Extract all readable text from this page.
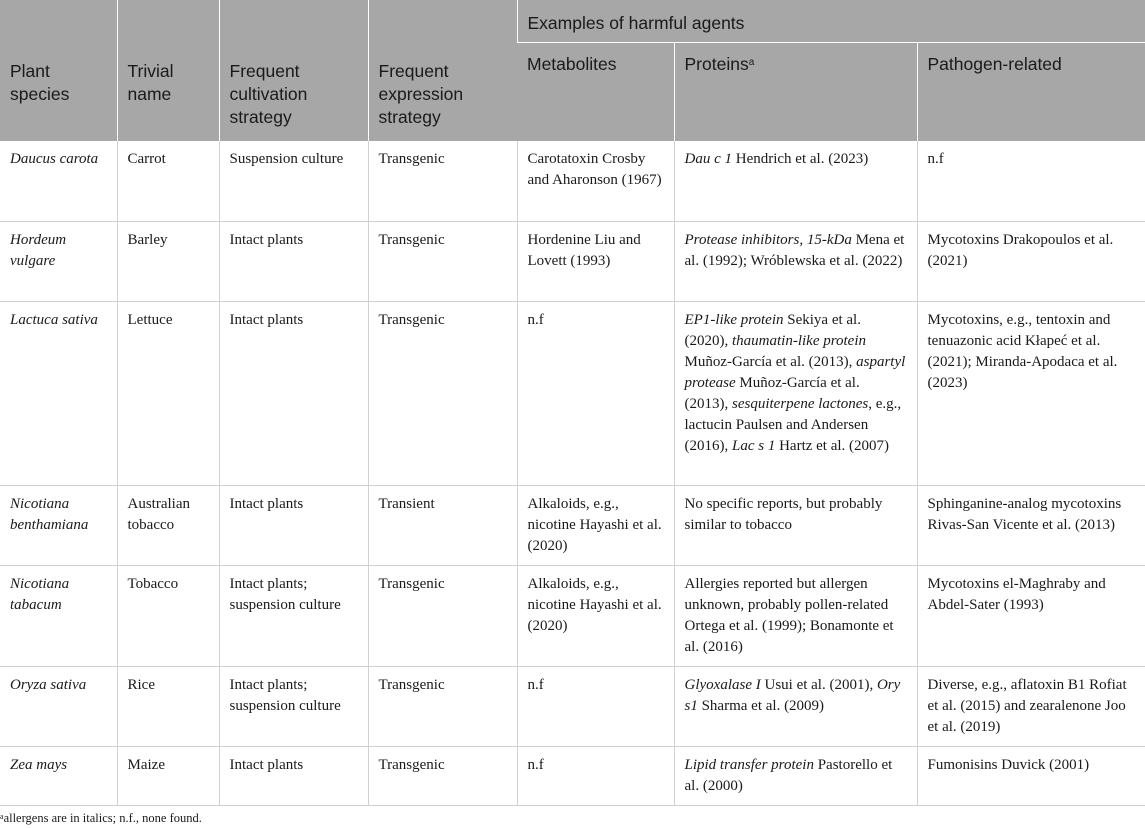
Plant species	Trivial name	Frequent cultivation strategy	Frequent expression strategy	Examples of harmful agents		
				Metabolites	Proteins$^a$	Pathogen-related
Daucus carota	Carrot	Suspension culture	Transgenic	Carotatoxin Crosby and Aharonson (1967)	Dau c 1 Hendrich et al. (2023)	n.f
Hordeum vulgare	Barley	Intact plants	Transgenic	Hordenine Liu and Lovett (1993)	Protease inhibitors, 15-kDa Mena et al. (1992); Wróblewska et al. (2022)	Mycotoxins Drakopoulos et al. (2021)
Lactuca sativa	Lettuce	Intact plants	Transgenic	n.f	EP1-like protein Sekiya et al. (2020), thaumatin-like protein Muñoz-García et al. (2013), aspartyl protease Muñoz-García et al. (2013), sesquiterpene lactones, e.g., lactucin Paulsen and Andersen (2016), Lac s 1 Hartz et al. (2007)	Mycotoxins, e.g., tentoxin and tenuazonic acid Kłapeć et al. (2021); Miranda-Apodaca et al. (2023)
Nicotiana benthamiana	Australian tobacco	Intact plants	Transient	Alkaloids, e.g., nicotine Hayashi et al. (2020)	No specific reports, but probably similar to tobacco	Sphinganine-analog mycotoxins Rivas-San Vicente et al. (2013)
Nicotiana tabacum	Tobacco	Intact plants; suspension culture	Transgenic	Alkaloids, e.g., nicotine Hayashi et al. (2020)	Allergies reported but allergen unknown, probably pollen-related Ortega et al. (1999); Bonamonte et al. (2016)	Mycotoxins el-Maghraby and Abdel-Sater (1993)
Oryza sativa	Rice	Intact plants; suspension culture	Transgenic	n.f	Glyoxalase I Usui et al. (2001), Ory s1 Sharma et al. (2009)	Diverse, e.g., aflatoxin B1 Rofiat et al. (2015) and zearalenone Joo et al. (2019)
Zea mays	Maize	Intact plants	Transgenic	n.f	Lipid transfer protein Pastorello et al. (2000)	Fumonisins Duvick (2001)
$^a$allergens are in italics; n.f., none found.
